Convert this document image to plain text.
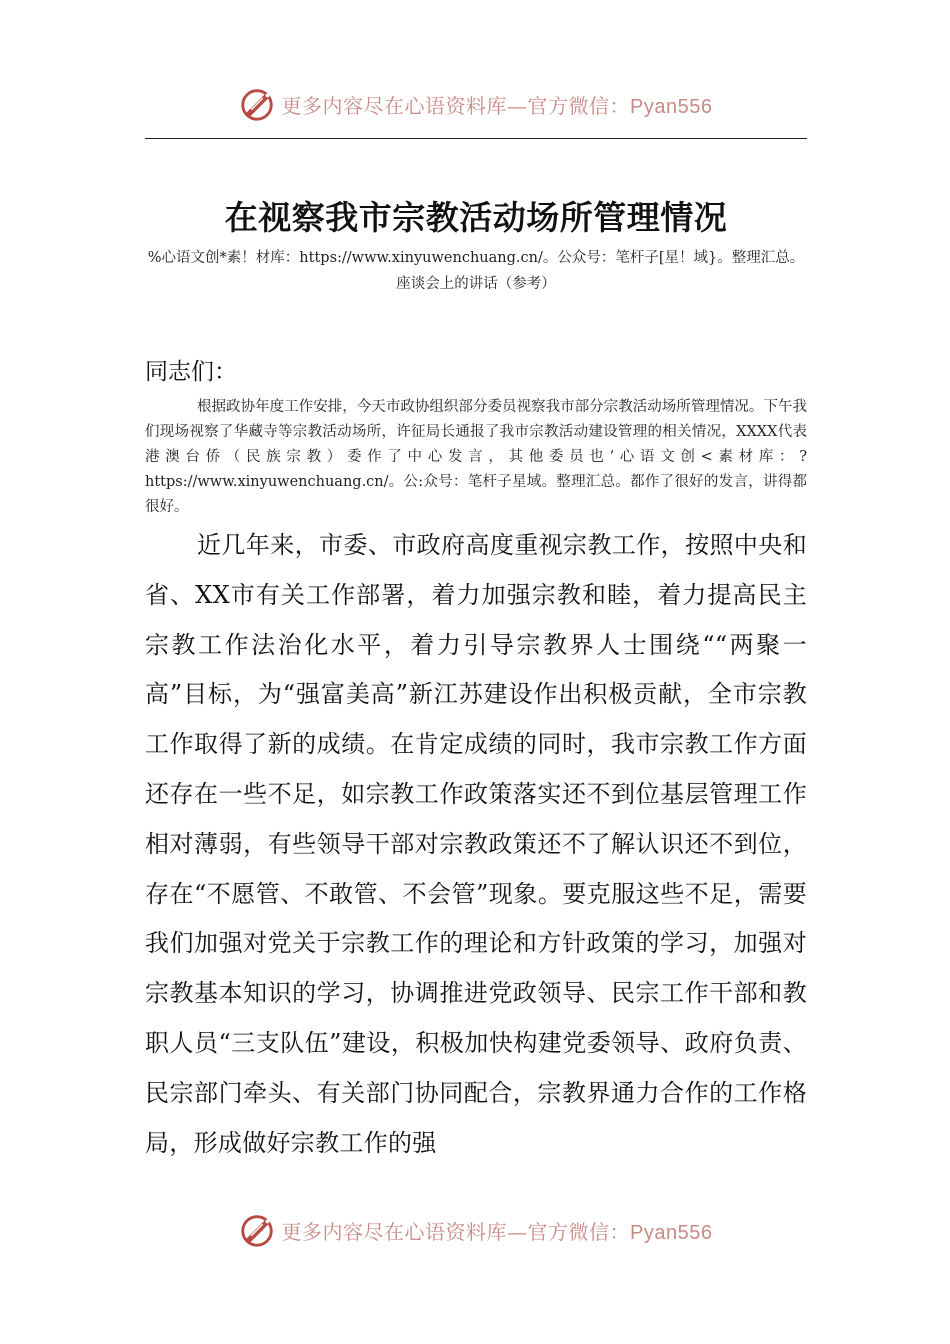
更多内容尽在心语资料库—官方微信：Pyan556
在视察我市宗教活动场所管理情况
%心语文创*素！材库：https://www.xinyuwenchuang.cn/。公众号：笔杆子[星！域}。整理汇总。座谈会上的讲话（参考）

同志们：

根据政协年度工作安排，今天市政协组织部分委员视察我市部分宗教活动场所管理情况。下午我们现场视察了华藏寺等宗教活动场所，许征局长通报了我市宗教活动建设管理的相关情况，XXXX代表港澳台侨（民族宗教）委作了中心发言，其他委员也‘心语文创<素材库：?https://www.xinyuwenchuang.cn/。公:众号：笔杆子星域。整理汇总。都作了很好的发言，讲得都很好。

近几年来，市委、市政府高度重视宗教工作，按照中央和省、XX市有关工作部署，着力加强宗教和睦，着力提高民主宗教工作法治化水平，着力引导宗教界人士围绕““两聚一高”目标，为“强富美高”新江苏建设作出积极贡献，全市宗教工作取得了新的成绩。在肯定成绩的同时，我市宗教工作方面还存在一些不足，如宗教工作政策落实还不到位基层管理工作相对薄弱，有些领导干部对宗教政策还不了解认识还不到位，存在“不愿管、不敢管、不会管”现象。要克服这些不足，需要我们加强对党关于宗教工作的理论和方针政策的学习，加强对宗教基本知识的学习，协调推进党政领导、民宗工作干部和教职人员“三支队伍”建设，积极加快构建党委领导、政府负责、民宗部门牵头、有关部门协同配合，宗教界通力合作的工作格局，形成做好宗教工作的强

更多内容尽在心语资料库—官方微信：Pyan556
